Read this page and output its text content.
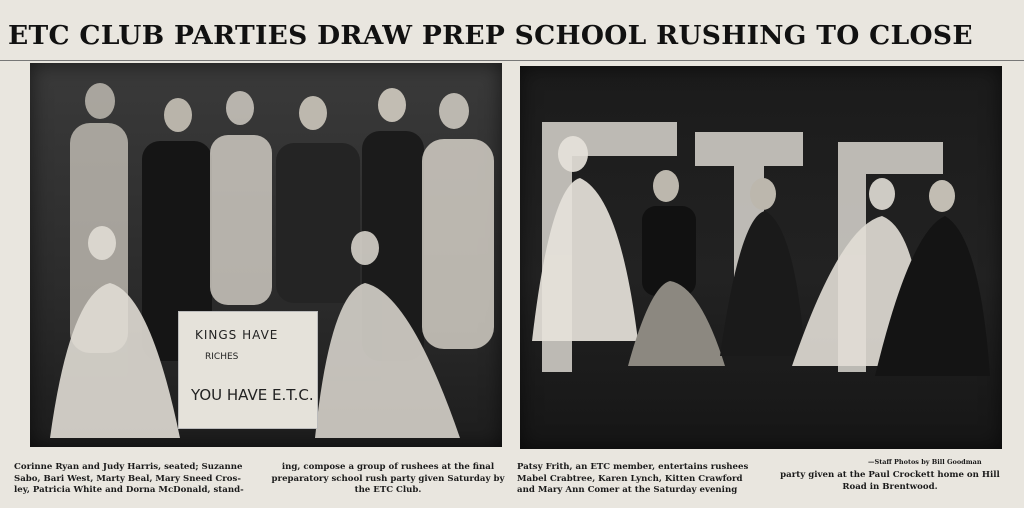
ETC CLUB PARTIES DRAW PREP SCHOOL RUSHING TO CLOSE
KINGS HAVE
RICHES
YOU HAVE E.T.C.
Corinne Ryan and Judy Harris, seated; Suzanne
Sabo, Bari West, Marty Beal, Mary Sneed Cros-
ley, Patricia White and Dorna McDonald, stand-
ing, compose a group of rushees at the final
preparatory school rush party given Saturday by
the ETC Club.
Patsy Frith, an ETC member, entertains rushees
Mabel Crabtree, Karen Lynch, Kitten Crawford
and Mary Ann Comer at the Saturday evening
—Staff Photos by Bill Goodman
party given at the Paul Crockett home on Hill
Road in Brentwood.
